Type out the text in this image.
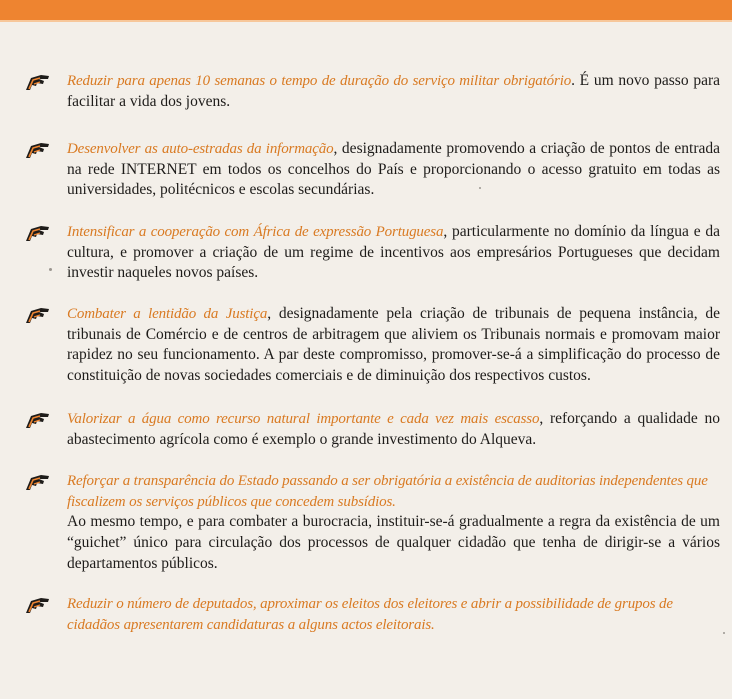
Reduzir para apenas 10 semanas o tempo de duração do serviço militar obrigatório. É um novo passo para facilitar a vida dos jovens.

Desenvolver as auto-estradas da informação, designadamente promovendo a criação de pontos de entrada na rede INTERNET em todos os concelhos do País e proporcionando o acesso gratuito em todas as universidades, politécnicos e escolas secundárias.

Intensificar a cooperação com África de expressão Portuguesa, particularmente no domínio da língua e da cultura, e promover a criação de um regime de incentivos aos empresários Portugueses que decidam investir naqueles novos países.

Combater a lentidão da Justiça, designadamente pela criação de tribunais de pequena instância, de tribunais de Comércio e de centros de arbitragem que aliviem os Tribunais normais e promovam maior rapidez no seu funcionamento. A par deste compromisso, promover-se-á a simplificação do processo de constituição de novas sociedades comerciais e de diminuição dos respectivos custos.

Valorizar a água como recurso natural importante e cada vez mais escasso, reforçando a qualidade no abastecimento agrícola como é exemplo o grande investimento do Alqueva.

Reforçar a transparência do Estado passando a ser obrigatória a existência de auditorias independentes que fiscalizem os serviços públicos que concedem subsídios.
Ao mesmo tempo, e para combater a burocracia, instituir-se-á gradualmente a regra da existência de um “guichet” único para circulação dos processos de qualquer cidadão que tenha de dirigir-se a vários departamentos públicos.

Reduzir o número de deputados, aproximar os eleitos dos eleitores e abrir a possibilidade de grupos de cidadãos apresentarem candidaturas a alguns actos eleitorais.
